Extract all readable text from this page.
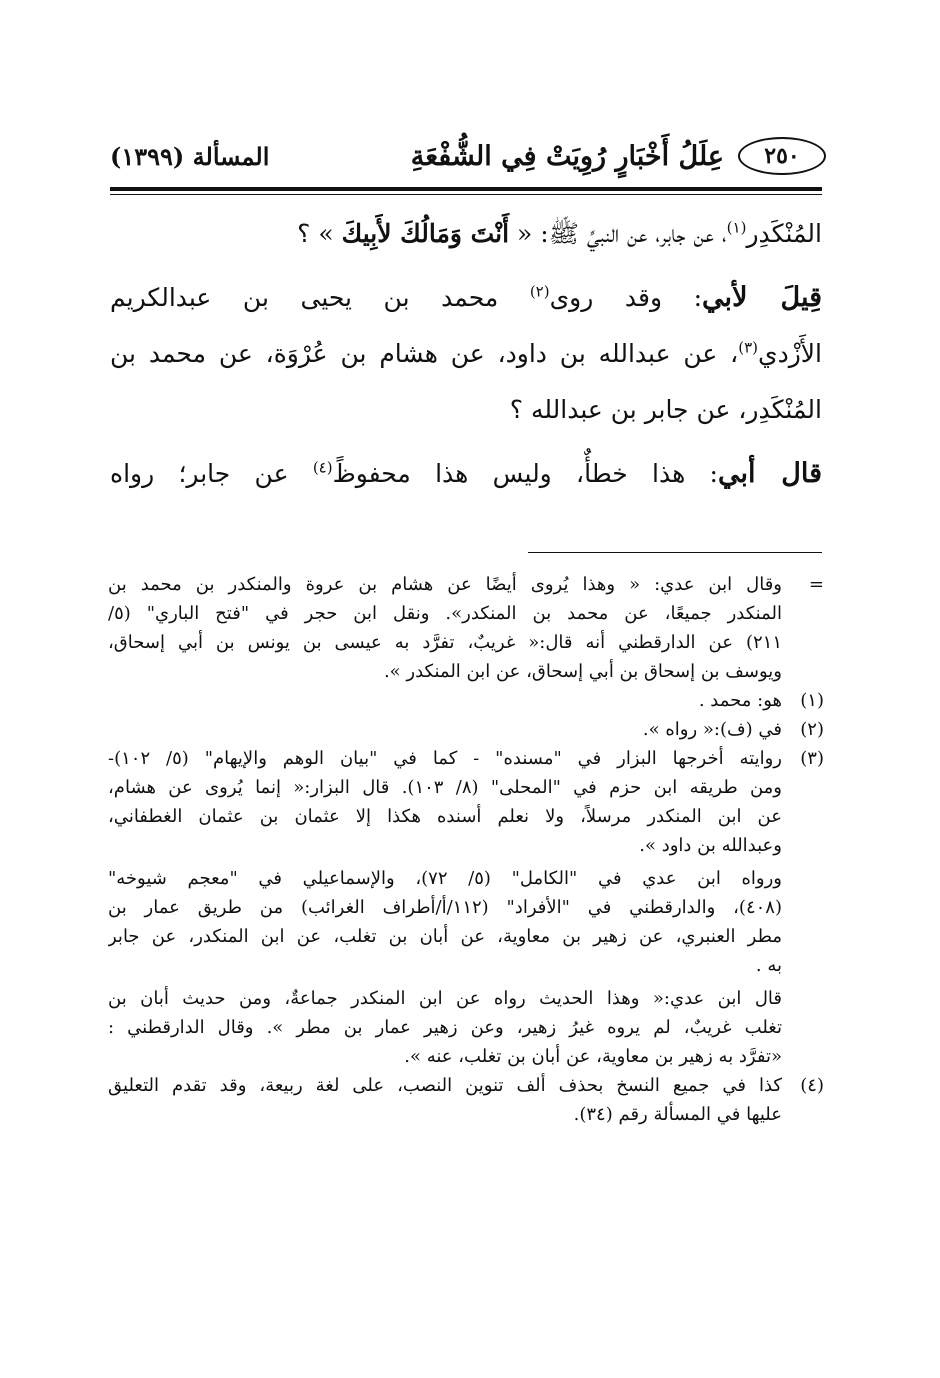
٢٥٠
عِلَلُ أَخْبَارٍ رُوِيَتْ فِي الشُّفْعَةِ
المسألة (١٣٩٩)
المُنْكَدِر$^{(١)}$، عن جابر، عن النبيِّ ﷺ: « أَنْتَ وَمَالُكَ لأَبِيكَ » ؟
قِيلَ لأبي: وقد روى$^{(٢)}$ محمد بن يحيى بن عبدالكريم
الأَزْدي$^{(٣)}$، عن عبدالله بن داود، عن هشام بن عُرْوَة، عن محمد بن
المُنْكَدِر، عن جابر بن عبدالله ؟
قال أبي: هذا خطأٌ، وليس هذا محفوظً$^{(٤)}$ عن جابر؛ رواه
=
وقال ابن عدي: « وهذا يُروى أيضًا عن هشام بن عروة والمنكدر بن محمد بن
المنكدر جميعًا، عن محمد بن المنكدر». ونقل ابن حجر في "فتح الباري" (٥/
٢١١) عن الدارقطني أنه قال:« غريبٌ، تفرَّد به عيسى بن يونس بن أبي إسحاق،
ويوسف بن إسحاق بن أبي إسحاق، عن ابن المنكدر ».
(١)
هو: محمد .
(٢)
في (ف):« رواه ».
(٣)
روايته أخرجها البزار في "مسنده" - كما في "بيان الوهم والإيهام" (٥/ ١٠٢)-
ومن طريقه ابن حزم في "المحلى" (٨/ ١٠٣). قال البزار:« إنما يُروى عن هشام،
عن ابن المنكدر مرسلاً، ولا نعلم أسنده هكذا إلا عثمان بن عثمان الغطفاني،
وعبدالله بن داود ».
ورواه ابن عدي في "الكامل" (٥/ ٧٢)، والإسماعيلي في "معجم شيوخه"
(٤٠٨)، والدارقطني في "الأفراد" (١١٢/أ/أطراف الغرائب) من طريق عمار بن
مطر العنبري، عن زهير بن معاوية، عن أبان بن تغلب، عن ابن المنكدر، عن جابر
به .
قال ابن عدي:« وهذا الحديث رواه عن ابن المنكدر جماعةٌ، ومن حديث أبان بن
تغلب غريبٌ، لم يروه غيرُ زهير، وعن زهير عمار بن مطر ». وقال الدارقطني :
«تفرَّد به زهير بن معاوية، عن أبان بن تغلب، عنه ».
(٤)
كذا في جميع النسخ بحذف ألف تنوين النصب، على لغة ربيعة، وقد تقدم التعليق
عليها في المسألة رقم (٣٤).
